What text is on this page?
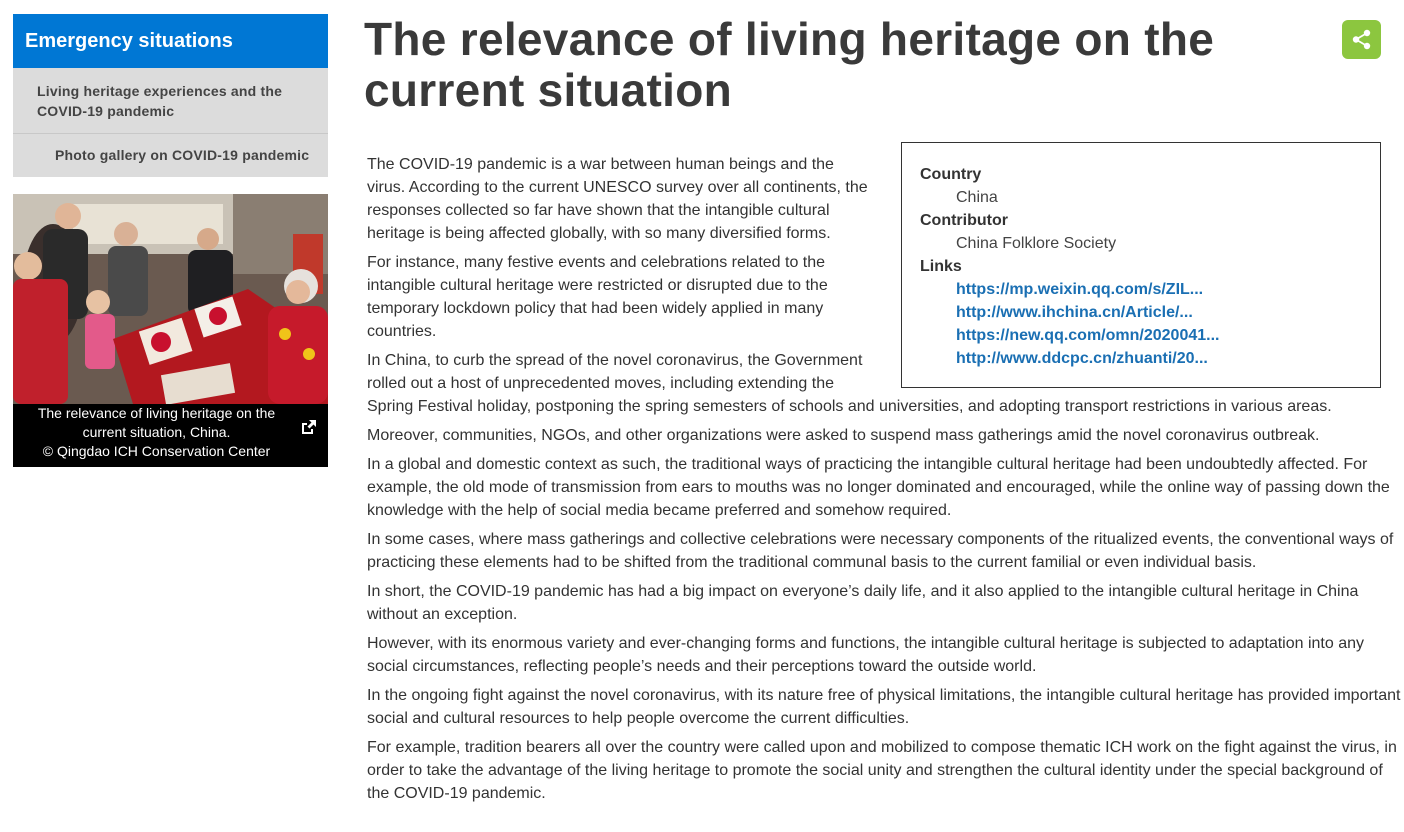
Emergency situations
Living heritage experiences and the COVID-19 pandemic
Photo gallery on COVID-19 pandemic
The relevance of living heritage on the
current situation, China.
© Qingdao ICH Conservation Center
The relevance of living heritage on the current situation
Country
China
Contributor
China Folklore Society
Links
https://mp.weixin.qq.com/s/ZIL...
http://www.ihchina.cn/Article/...
https://new.qq.com/omn/2020041...
http://www.ddcpc.cn/zhuanti/20...

The COVID-19 pandemic is a war between human beings and the virus. According to the current UNESCO survey over all continents, the responses collected so far have shown that the intangible cultural heritage is being affected globally, with so many diversified forms.

For instance, many festive events and celebrations related to the intangible cultural heritage were restricted or disrupted due to the temporary lockdown policy that had been widely applied in many countries.

In China, to curb the spread of the novel coronavirus, the Government rolled out a host of unprecedented moves, including extending the Spring Festival holiday, postponing the spring semesters of schools and universities, and adopting transport restrictions in various areas.

Moreover, communities, NGOs, and other organizations were asked to suspend mass gatherings amid the novel coronavirus outbreak.

In a global and domestic context as such, the traditional ways of practicing the intangible cultural heritage had been undoubtedly affected. For example, the old mode of transmission from ears to mouths was no longer dominated and encouraged, while the online way of passing down the knowledge with the help of social media became preferred and somehow required.

In some cases, where mass gatherings and collective celebrations were necessary components of the ritualized events, the conventional ways of practicing these elements had to be shifted from the traditional communal basis to the current familial or even individual basis.

In short, the COVID-19 pandemic has had a big impact on everyone’s daily life, and it also applied to the intangible cultural heritage in China without an exception.

However, with its enormous variety and ever-changing forms and functions, the intangible cultural heritage is subjected to adaptation into any social circumstances, reflecting people’s needs and their perceptions toward the outside world.

In the ongoing fight against the novel coronavirus, with its nature free of physical limitations, the intangible cultural heritage has provided important social and cultural resources to help people overcome the current difficulties.

For example, tradition bearers all over the country were called upon and mobilized to compose thematic ICH work on the fight against the virus, in order to take the advantage of the living heritage to promote the social unity and strengthen the cultural identity under the special background of the COVID-19 pandemic.
